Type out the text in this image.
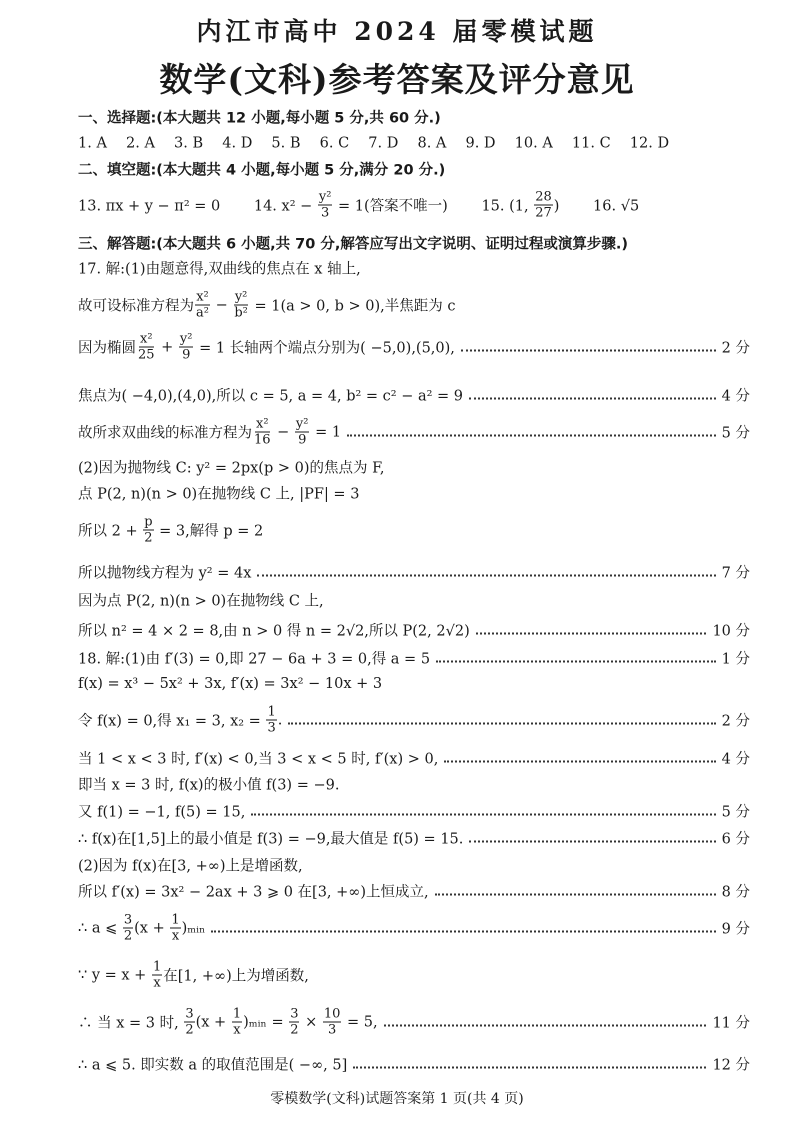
内江市高中 2024 届零模试题
数学(文科)参考答案及评分意见
一、选择题:(本大题共 12 小题,每小题 5 分,共 60 分.)
1. A　 2. A　 3. B　 4. D　 5. B　 6. C　 7. D　 8. A　 9. D　 10. A　 11. C　 12. D
二、填空题:(本大题共 4 小题,每小题 5 分,满分 20 分.)
13. πx + y − π² = 0　　 14. $x^2 - \frac{\text{y²}}{3} = 1$(答案不唯一)　　 15. (1, $\frac{28}{27}$ )　　 16. √5
三、解答题:(本大题共 6 小题,共 70 分,解答应写出文字说明、证明过程或演算步骤.)
17. 解:(1)由题意得,双曲线的焦点在 x 轴上,
故可设标准方程为 $\frac{\text{x²}}{\text{a²}} - \frac{\text{y²}}{\text{b²}} = 1(a > 0$, b > 0),半焦距为 c
因为椭圆 $\frac{\text{x²}}{25} + \frac{\text{y²}}{9} = 1$ 长轴两个端点分别为( −5,0),(5,0),	2 分
焦点为( −4,0),(4,0),所以 c = 5, a = 4, b² = c² − a² = 9	4 分
故所求双曲线的标准方程为 $\frac{\text{x²}}{16} - \frac{\text{y²}}{9} = 1$	5 分
(2)因为抛物线 C: y² = 2px(p > 0)的焦点为 F,
点 P(2, n)(n > 0)在抛物线 C 上, |PF| = 3
所以 $2 + \frac{p}{2} = 3$,解得 p = 2
所以抛物线方程为 y² = 4x	7 分
因为点 P(2, n)(n > 0)在抛物线 C 上,
所以 n² = 4 × 2 = 8,由 n > 0 得 n = 2√2,所以 P(2, 2√2)	10 分
18. 解:(1)由 f′(3) = 0,即 27 − 6a + 3 = 0,得 a = 5	1 分
f(x) = x³ − 5x² + 3x, f′(x) = 3x² − 10x + 3
令 f(x) = 0,得 x₁ = 3, $x_2 = \frac{1}{3}$ .	2 分
当 1 < x < 3 时, f′(x) < 0,当 3 < x < 5 时, f′(x) > 0,	4 分
即当 x = 3 时, f(x)的极小值 f(3) = −9.
又 f(1) = −1, f(5) = 15,	5 分
∴ f(x)在[1,5]上的最小值是 f(3) = −9,最大值是 f(5) = 15.	6 分
(2)因为 f(x)在[3, +∞)上是增函数,
所以 f′(x) = 3x² − 2ax + 3 ⩾ 0 在[3, +∞)上恒成立,	8 分
∴ a ⩽ $\frac{3}{2} (x + \frac{1}{x}$ )ₘᵢₙ	9 分
∵ $y = x + \frac{1}{x}$ 在[1, +∞)上为增函数,
∴ 当 x = 3 时, $\frac{3}{2} (x + \frac{1}{x}$ )ₘᵢₙ = $\frac{3}{2} \times \frac{10}{3} = 5$,	11 分
∴ a ⩽ 5. 即实数 a 的取值范围是( −∞, 5]	12 分
零模数学(文科)试题答案第 1 页(共 4 页)
